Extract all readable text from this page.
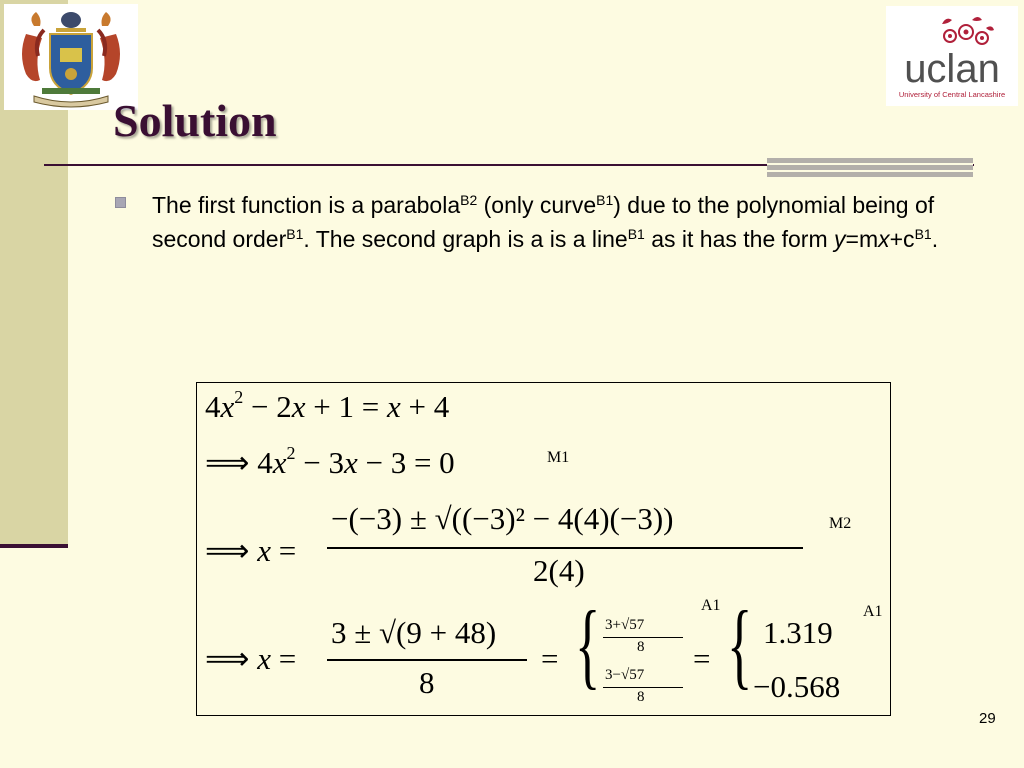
uclan
University of Central Lancashire
Solution
The first function is a parabola$^{B2}$ (only curve$^{B1}$) due to the polynomial being of second order$^{B1}$. The second graph is a is a line$^{B1}$ as it has the form $y=mx+c^{B1}$.
$4x^2 - 2x + 1 = x + 4$
⟹ $4x^2 - 3x - 3 = 0$	M1
⟹ x =
−(−3) ± √((−3)² − 4(4)(−3))
2(4)
M2
⟹ x =
3 ± √(9 + 48)
8
= { 3+√57
8
3−√57
8
= { 1.319
−0.568
A1	A1
29
